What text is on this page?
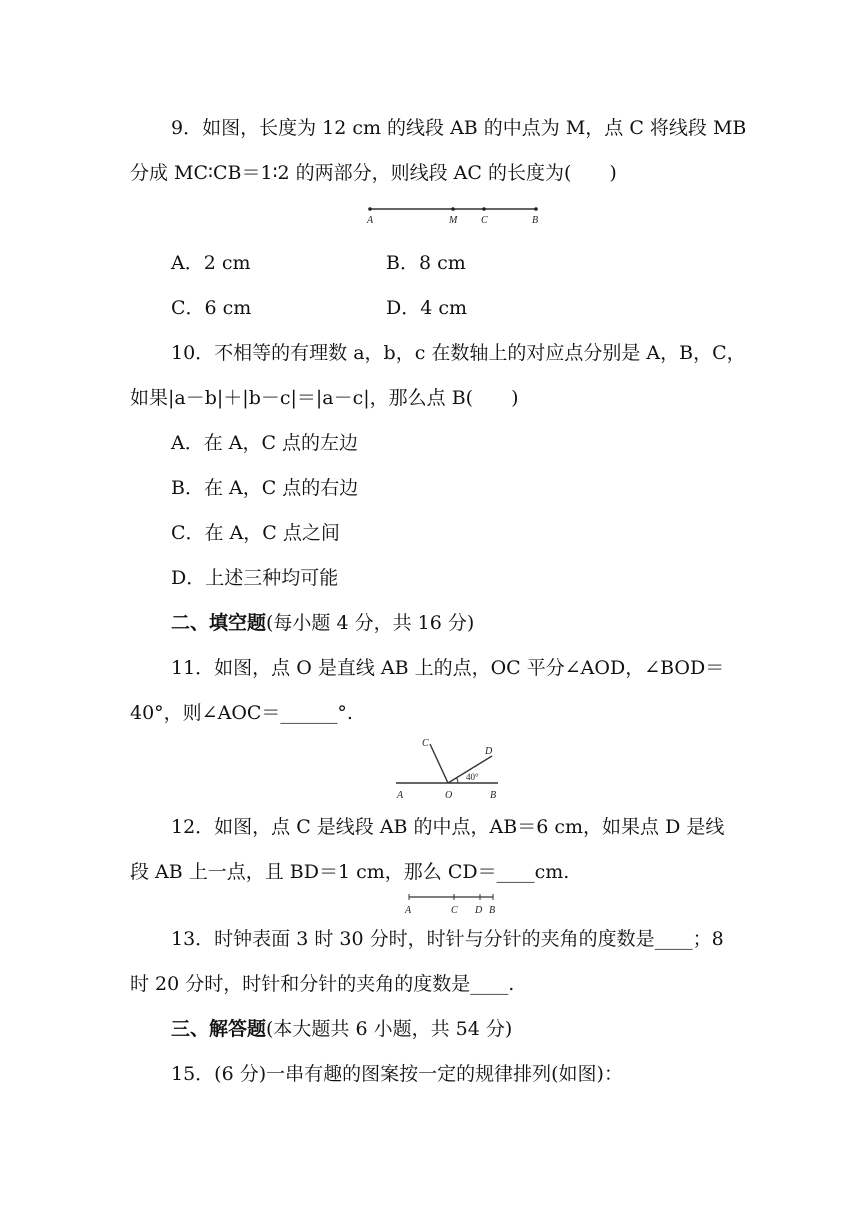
9．如图，长度为 12 cm 的线段 AB 的中点为 M，点 C 将线段 MB
分成 MC∶CB＝1∶2 的两部分，则线段 AC 的长度为(　　)
A	M C	B
A．2 cm	B．8 cm
C．6 cm	D．4 cm
10．不相等的有理数 a，b，c 在数轴上的对应点分别是 A，B，C，
如果|a－b|＋|b－c|＝|a－c|，那么点 B(　　)
A．在 A，C 点的左边
B．在 A，C 点的右边
C．在 A，C 点之间
D．上述三种均可能
二、填空题(每小题 4 分，共 16 分)
11．如图，点 O 是直线 AB 上的点，OC 平分∠AOD，∠BOD＝
40°，则∠AOC＝______°.
C
D
40°
A	O	B
12．如图，点 C 是线段 AB 的中点，AB＝6 cm，如果点 D 是线
段 AB 上一点，且 BD＝1 cm，那么 CD＝____cm.
A	C D B
13．时钟表面 3 时 30 分时，时针与分针的夹角的度数是____；8
时 20 分时，时针和分针的夹角的度数是____.
三、解答题(本大题共 6 小题，共 54 分)
15．(6 分)一串有趣的图案按一定的规律排列(如图)：
